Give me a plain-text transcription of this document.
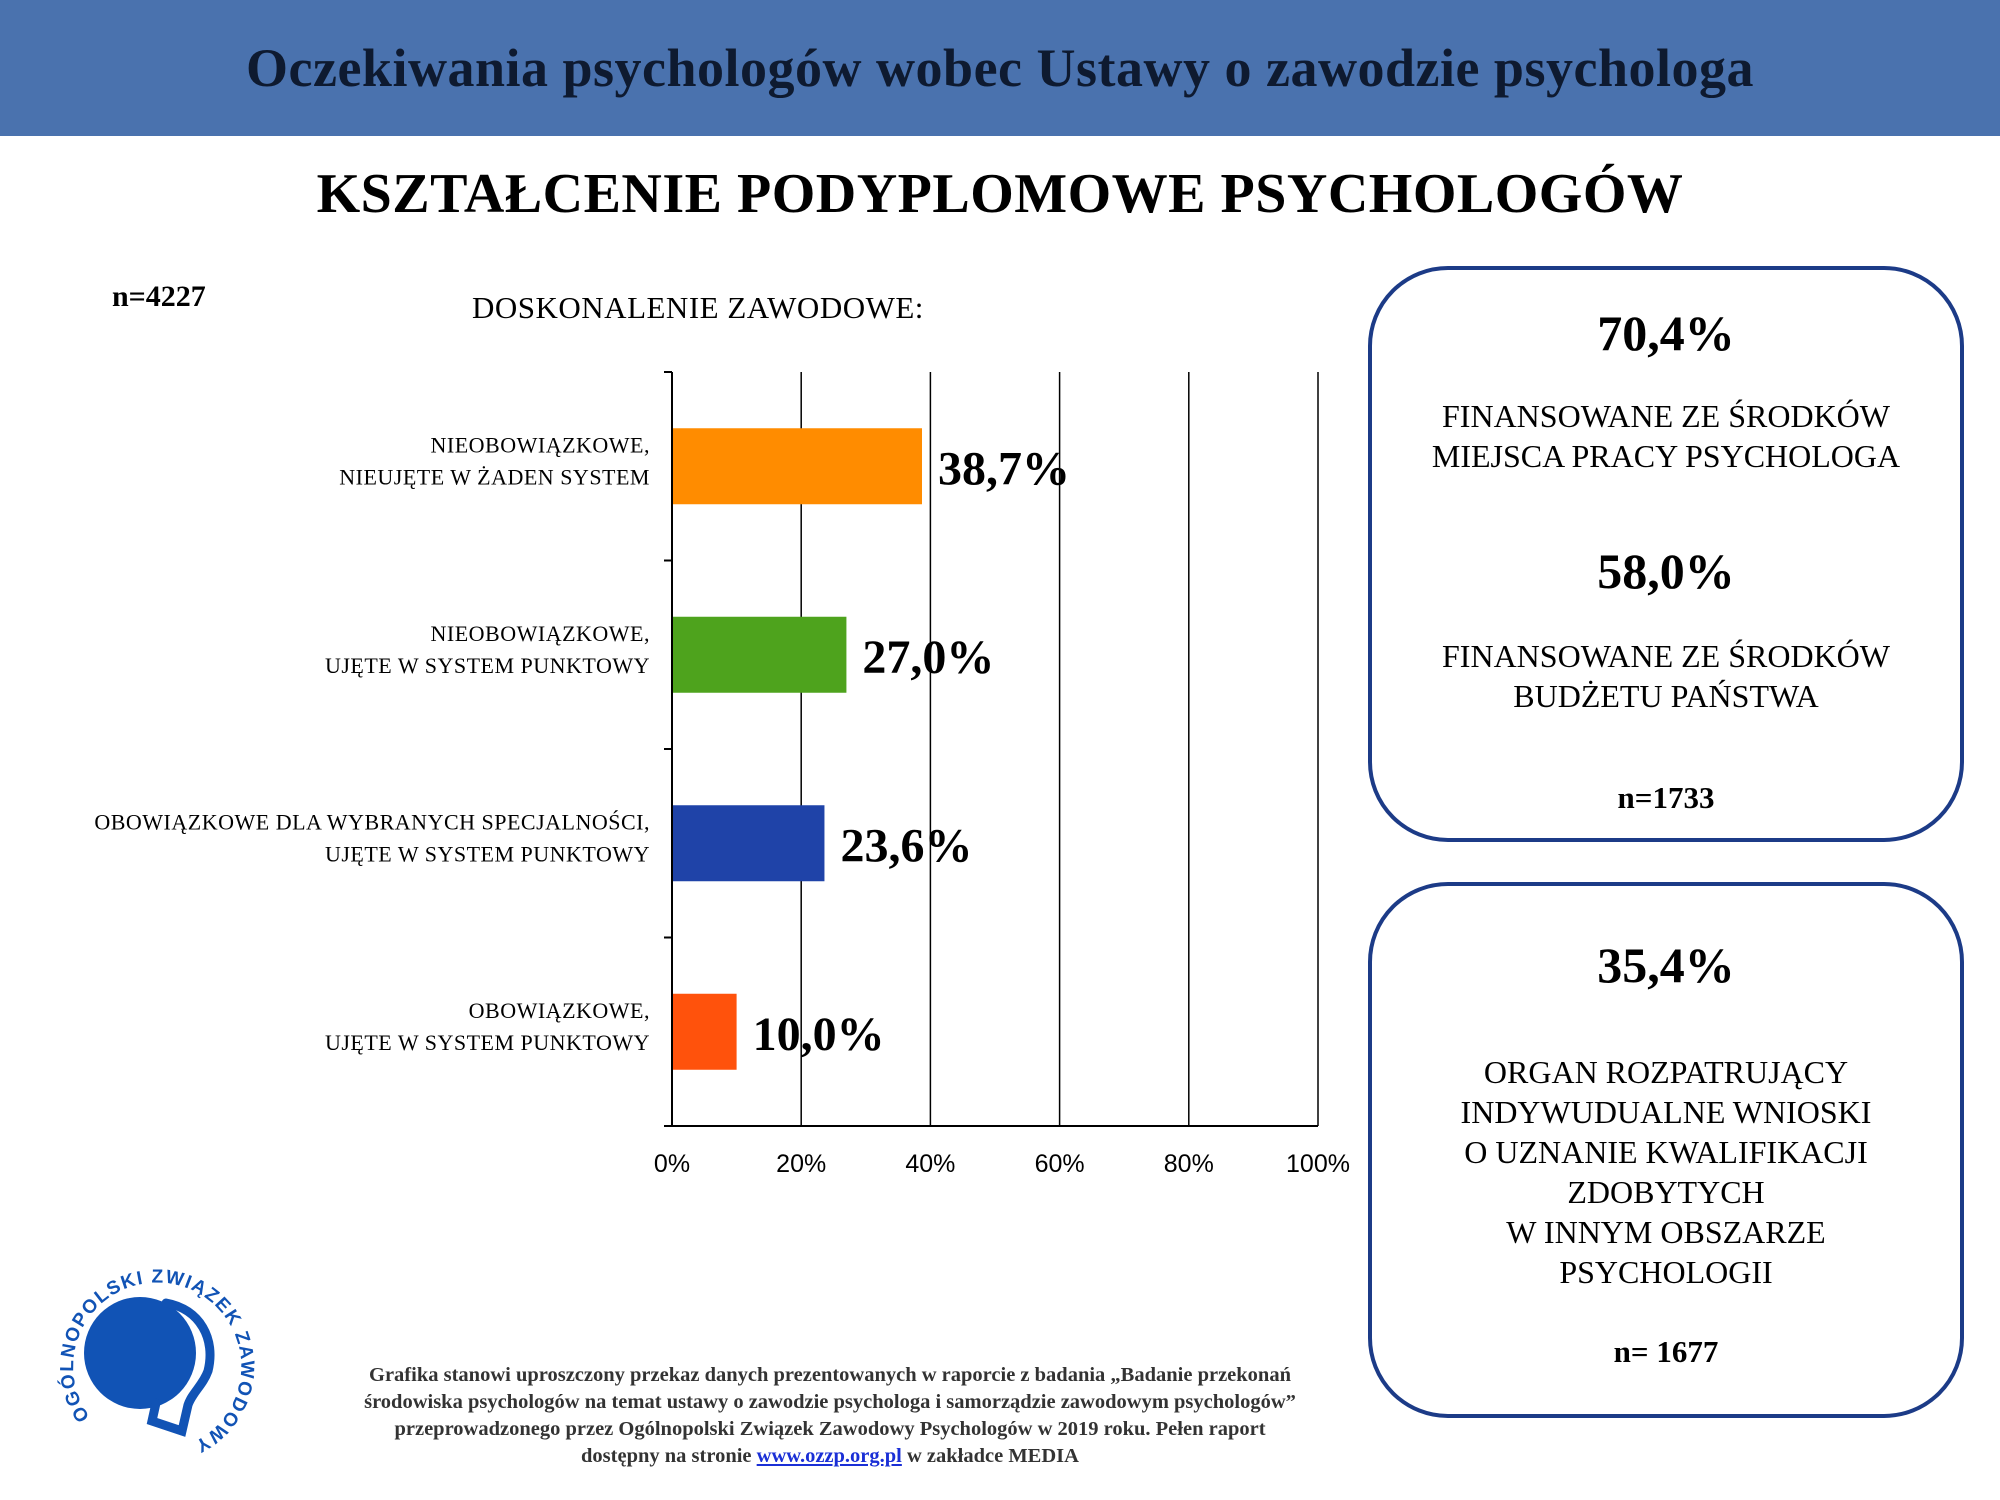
Oczekiwania psychologów wobec Ustawy o zawodzie psychologa
KSZTAŁCENIE PODYPLOMOWE PSYCHOLOGÓW
n=4227	DOSKONALENIE ZAWODOWE:
0%	20%	40%	60%	80%	100%
38,7%
NIEOBOWIĄZKOWE,
NIEUJĘTE W ŻADEN SYSTEM
27,0%
NIEOBOWIĄZKOWE,
UJĘTE W SYSTEM PUNKTOWY
23,6%
OBOWIĄZKOWE DLA WYBRANYCH SPECJALNOŚCI,
UJĘTE W SYSTEM PUNKTOWY
10,0%
OBOWIĄZKOWE,
UJĘTE W SYSTEM PUNKTOWY
70,4%
FINANSOWANE ZE ŚRODKÓW
MIEJSCA PRACY PSYCHOLOGA
58,0%
FINANSOWANE ZE ŚRODKÓW
BUDŻETU PAŃSTWA
n=1733
35,4%
ORGAN ROZPATRUJĄCY
INDYWUDUALNE WNIOSKI
O UZNANIE KWALIFIKACJI
ZDOBYTYCH
W INNYM OBSZARZE
PSYCHOLOGII
n= 1677
OGÓLNOPOLSKI ZWIĄZEK ZAWODOWY
Grafika stanowi uproszczony przekaz danych prezentowanych w raporcie z badania „Badanie przekonań
środowiska psychologów na temat ustawy o zawodzie psychologa i samorządzie zawodowym psychologów”
przeprowadzonego przez Ogólnopolski Związek Zawodowy Psychologów w 2019 roku. Pełen raport
dostępny na stronie www.ozzp.org.pl w zakładce MEDIA
